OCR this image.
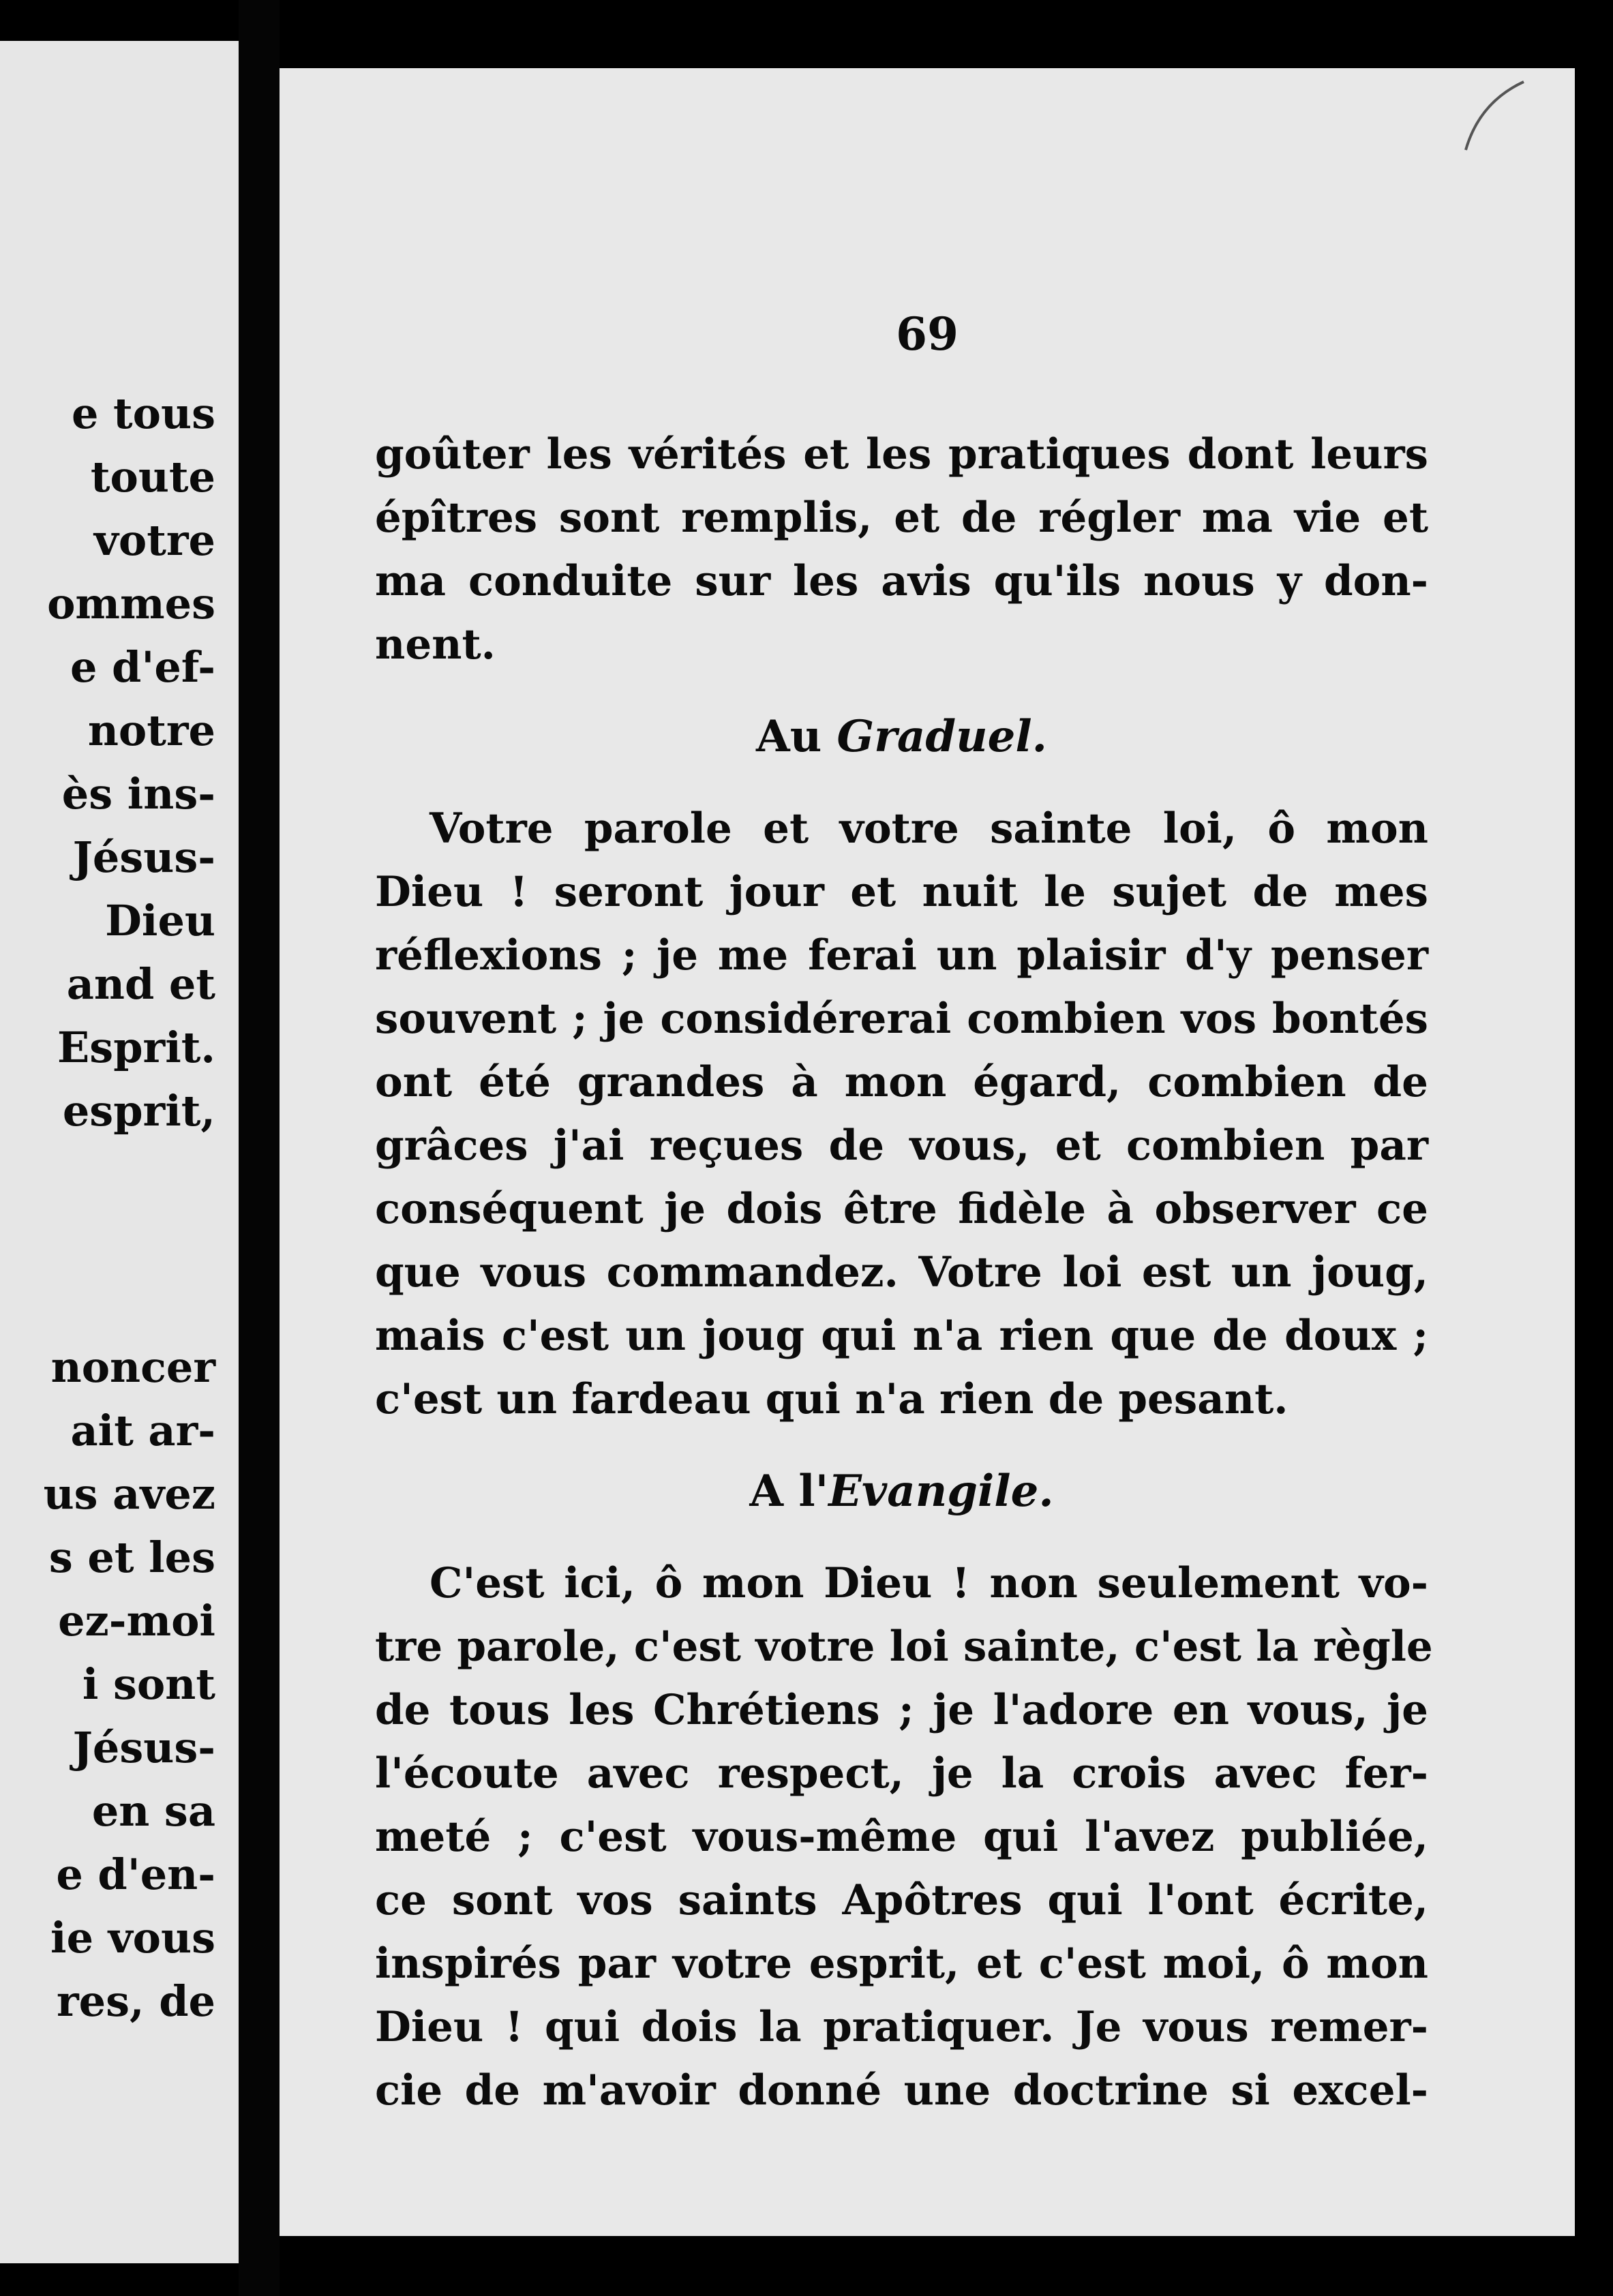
e tous
toute
votre
ommes
e d'ef-
notre
ès ins-
Jésus-
Dieu
and et
Esprit.
esprit,
noncer
ait ar-
us avez
s et les
ez-moi
i sont
Jésus-
en sa
e d'en-
ie vous
res, de
69
goûter les vérités et les pratiques dont leurs
épîtres sont remplis, et de régler ma vie et
ma conduite sur les avis qu'ils nous y don-
nent.
Au Graduel.
Votre parole et votre sainte loi, ô mon
Dieu ! seront jour et nuit le sujet de mes
réflexions ; je me ferai un plaisir d'y penser
souvent ; je considérerai combien vos bontés
ont été grandes à mon égard, combien de
grâces j'ai reçues de vous, et combien par
conséquent je dois être fidèle à observer ce
que vous commandez. Votre loi est un joug,
mais c'est un joug qui n'a rien que de doux ;
c'est un fardeau qui n'a rien de pesant.
A l'Evangile.
C'est ici, ô mon Dieu ! non seulement vo-
tre parole, c'est votre loi sainte, c'est la règle
de tous les Chrétiens ; je l'adore en vous, je
l'écoute avec respect, je la crois avec fer-
meté ; c'est vous-même qui l'avez publiée,
ce sont vos saints Apôtres qui l'ont écrite,
inspirés par votre esprit, et c'est moi, ô mon
Dieu ! qui dois la pratiquer. Je vous remer-
cie de m'avoir donné une doctrine si excel-
